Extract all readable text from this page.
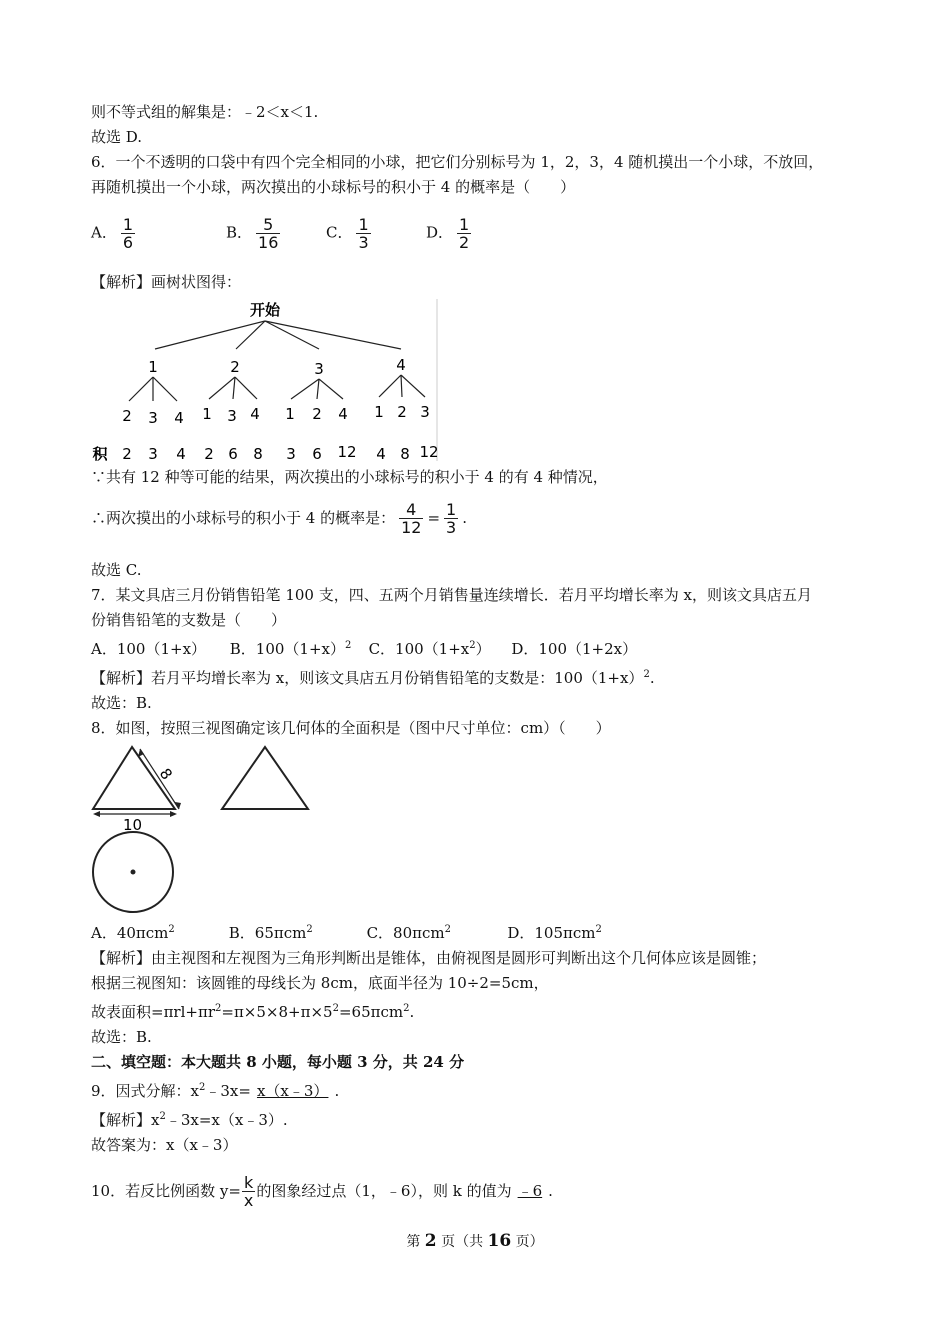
则不等式组的解集是：﹣2＜x＜1.
故选 D.
6．一个不透明的口袋中有四个完全相同的小球，把它们分别标号为 1，2，3，4 随机摸出一个小球，不放回，
再随机摸出一个小球，两次摸出的小球标号的积小于 4 的概率是（　　）
A． $\frac{1}{6}$	B． $\frac{5}{16}$	C． $\frac{1}{3}$	D． $\frac{1}{2}$
【解析】画树状图得：
开始
1	2	3	4
2 3 4 1 3 4 1 2 4 1 2 3
积 2 3 4 2 6 8 3 6 12 4 8 12
∵共有 12 种等可能的结果，两次摸出的小球标号的积小于 4 的有 4 种情况，
∴两次摸出的小球标号的积小于 4 的概率是： $\frac{4}{12} = \frac{1}{3}$ .
故选 C.
7．某文具店三月份销售铅笔 100 支，四、五两个月销售量连续增长．若月平均增长率为 x，则该文具店五月
份销售铅笔的支数是（　　）
A．100（1+x） B．$100(1+x)^2$ C．$100(1+x^2)$ D．100（1+2x）
【解析】若月平均增长率为 x，则该文具店五月份销售铅笔的支数是：$100(1+x)^2$.
故选：B.
8．如图，按照三视图确定该几何体的全面积是（图中尺寸单位：cm）（　　）
8
10
A．40πcm$^2$	B．65πcm$^2$	C．80πcm$^2$	D．105πcm$^2$
【解析】由主视图和左视图为三角形判断出是锥体，由俯视图是圆形可判断出这个几何体应该是圆锥；
根据三视图知：该圆锥的母线长为 8cm，底面半径为 10÷2=5cm，
故表面积$=\pi rl+\pi r^2=\pi\times 5\times 8+\pi\times 5^2=65\pi cm^2$.
故选：B.
二、填空题：本大题共 8 小题，每小题 3 分，共 24 分
9．因式分解：$x^2﹣3x=$ x（x﹣3） .
【解析】$x^2﹣3x=x(x﹣3)$.
故答案为：x（x﹣3）
10．若反比例函数 $y= \frac{k}{x}$ 的图象经过点（1，﹣6），则 k 的值为 ﹣6 .
第 2 页（共 16 页）
